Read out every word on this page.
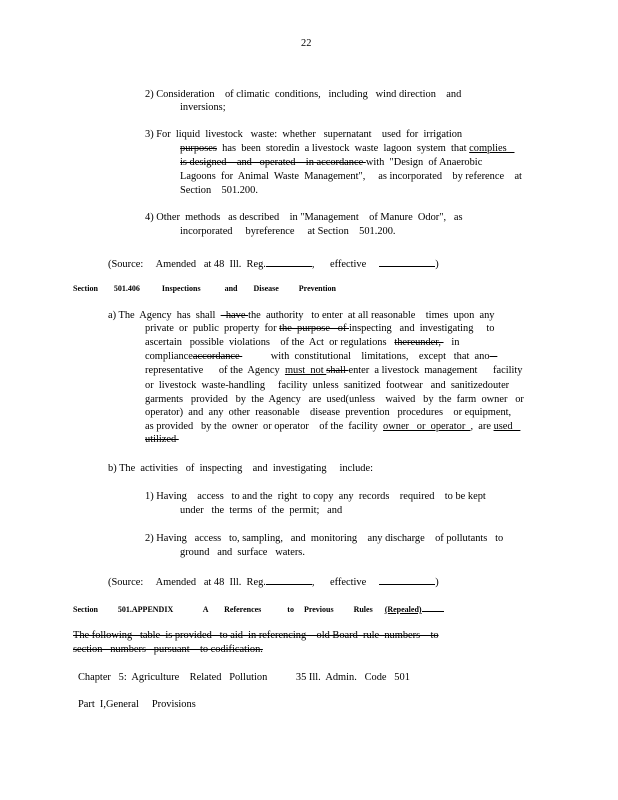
22
2) Consideration    of climatic  conditions,   including   wind direction    and
inversions;
3) For  liquid  livestock   waste:  whether   supernatant    used  for  irrigation
purposes  has  been  storedin  a livestock  waste  lagoon  system  that complies
is designed    and   operated    in accordance with  "Design  of Anaerobic
Lagoons  for  Animal  Waste  Management",     as incorporated    by reference    at
Section    501.200.
4) Other  methods   as described    in "Management    of Manure  Odor",   as
incorporated     byreference     at Section    501.200.
(Source: Amended   at 48  Ill.  Reg.	,      effective	)
Section        501.406           Inspections            and        Disease          Prevention
a) The  Agency  has  shall    have the  authority   to enter  at all reasonable    times  upon  any
private  or  public  property  for the  purpose   of inspecting   and  investigating     to
ascertain   possible  violations    of the  Act  or regulations   thereunder,    in
complianceaccordance            with  constitutional    limitations,    except   that  ano
representative      of the  Agency  must  not shall enter  a livestock  management      facility
or  livestock  waste-handling     facility  unless  sanitized  footwear   and  sanitizedouter
garments   provided   by  the  Agency   are  used(unless    waived   by  the  farm  owner   or
operator)  and  any  other  reasonable    disease  prevention   procedures    or equipment,
as provided   by the  owner  or operator    of the  facility  owner   or  operator  ,  are used
utilized
b) The  activities   of  inspecting    and  investigating     include:
1) Having    access   to and the  right  to copy  any  records    required    to be kept
under   the  terms  of  the  permit;   and
2) Having   access   to, sampling,   and  monitoring    any discharge    of pollutants   to
ground   and  surface   waters.
(Source: Amended   at 48  Ill.  Reg.	,      effective	)
Section          501.APPENDIX               A        References             to     Previous          Rules      (Repealed)
The following   table  is provided   to aid  in referencing    old Board  rule  numbers    to
section   numbers   pursuant    to codification.
Chapter   5:  Agriculture    Related   Pollution           35 Ill.  Admin.   Code   501
Part  I,General     Provisions
